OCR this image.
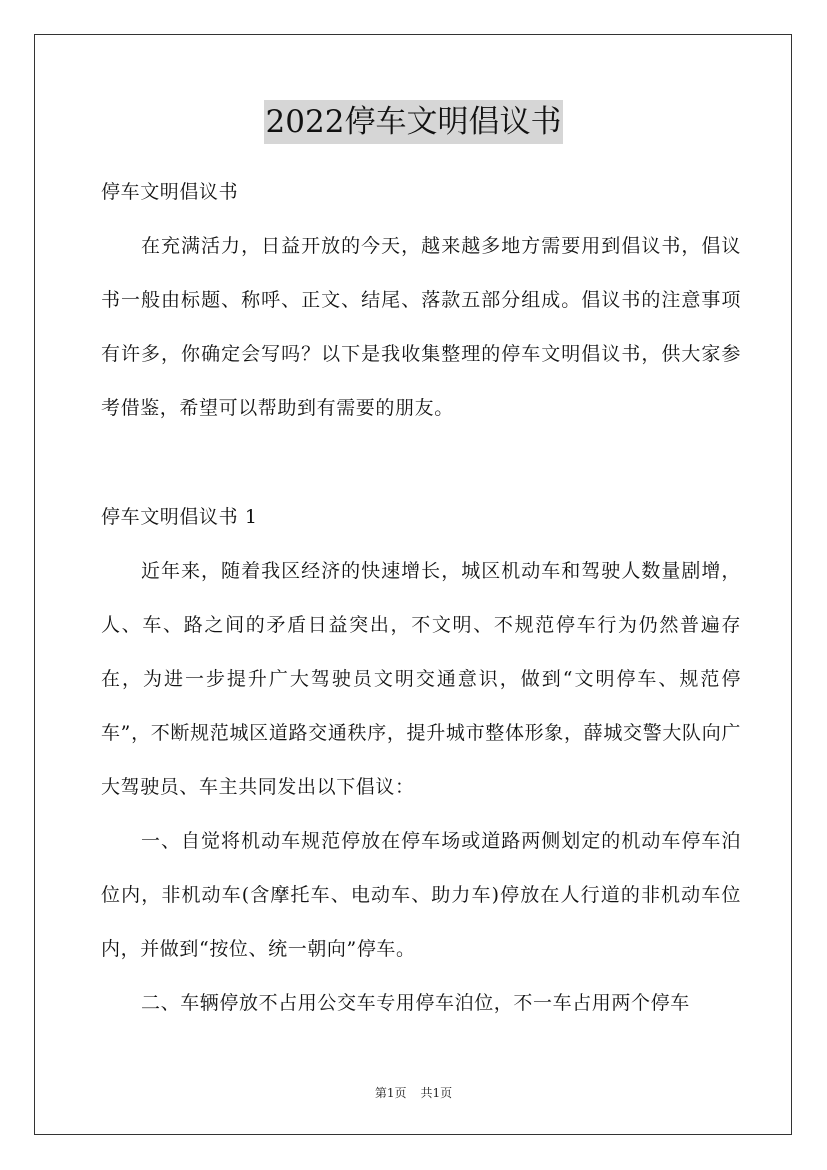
2022停车文明倡议书

停车文明倡议书

在充满活力，日益开放的今天，越来越多地方需要用到倡议书，倡议书一般由标题、称呼、正文、结尾、落款五部分组成。倡议书的注意事项有许多，你确定会写吗？以下是我收集整理的停车文明倡议书，供大家参考借鉴，希望可以帮助到有需要的朋友。

停车文明倡议书 1

近年来，随着我区经济的快速增长，城区机动车和驾驶人数量剧增，人、车、路之间的矛盾日益突出，不文明、不规范停车行为仍然普遍存在，为进一步提升广大驾驶员文明交通意识，做到“文明停车、规范停车”，不断规范城区道路交通秩序，提升城市整体形象，薛城交警大队向广大驾驶员、车主共同发出以下倡议：

一、自觉将机动车规范停放在停车场或道路两侧划定的机动车停车泊位内，非机动车(含摩托车、电动车、助力车)停放在人行道的非机动车位内，并做到“按位、统一朝向”停车。

二、车辆停放不占用公交车专用停车泊位，不一车占用两个停车

第1页 共1页
